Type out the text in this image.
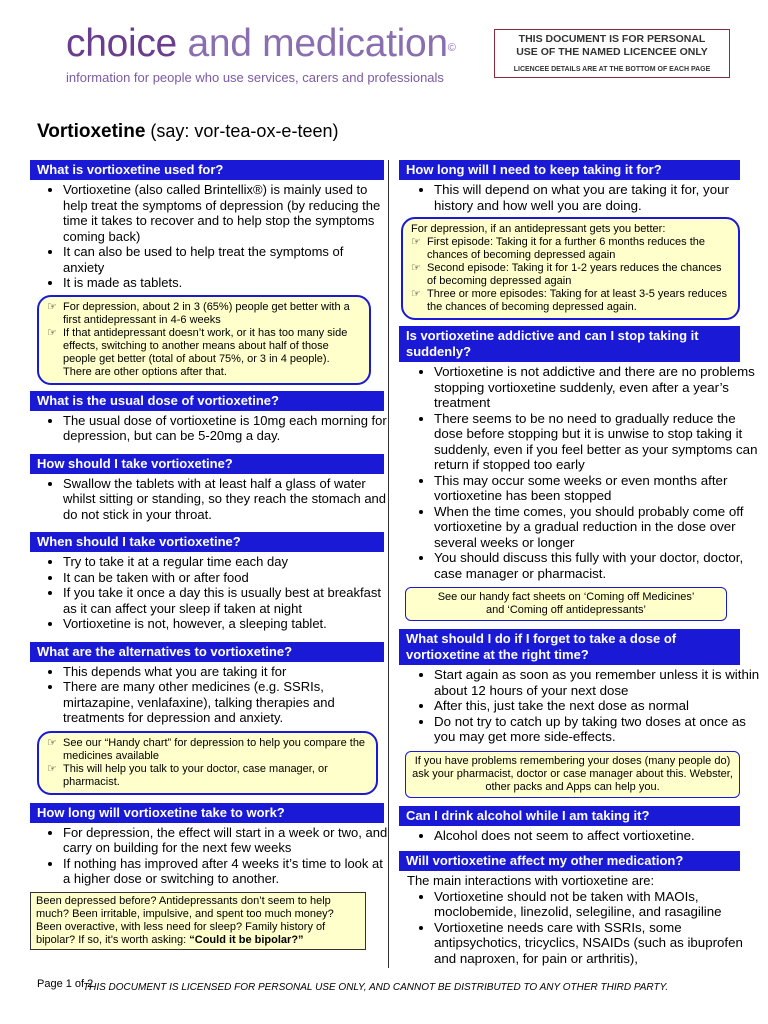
choice and medication©
information for people who use services, carers and professionals
THIS DOCUMENT IS FOR PERSONAL
USE OF THE NAMED LICENCEE ONLY
LICENCEE DETAILS ARE AT THE BOTTOM OF EACH PAGE
Vortioxetine (say: vor-tea-ox-e-teen)
What is vortioxetine used for?
• Vortioxetine (also called Brintellix®) is mainly used to help treat the symptoms of depression (by reducing the time it takes to recover and to help stop the symptoms coming back)
• It can also be used to help treat the symptoms of anxiety
• It is made as tablets.
☞ For depression, about 2 in 3 (65%) people get better with a first antidepressant in 4-6 weeks
☞ If that antidepressant doesn’t work, or it has too many side effects, switching to another means about half of those people get better (total of about 75%, or 3 in 4 people). There are other options after that.
What is the usual dose of vortioxetine?
• The usual dose of vortioxetine is 10mg each morning for depression, but can be 5-20mg a day.
How should I take vortioxetine?
• Swallow the tablets with at least half a glass of water whilst sitting or standing, so they reach the stomach and do not stick in your throat.
When should I take vortioxetine?
• Try to take it at a regular time each day
• It can be taken with or after food
• If you take it once a day this is usually best at breakfast as it can affect your sleep if taken at night
• Vortioxetine is not, however, a sleeping tablet.
What are the alternatives to vortioxetine?
• This depends what you are taking it for
• There are many other medicines (e.g. SSRIs, mirtazapine, venlafaxine), talking therapies and treatments for depression and anxiety.
☞ See our “Handy chart” for depression to help you compare the medicines available
☞ This will help you talk to your doctor, case manager, or pharmacist.
How long will vortioxetine take to work?
• For depression, the effect will start in a week or two, and carry on building for the next few weeks
• If nothing has improved after 4 weeks it’s time to look at a higher dose or switching to another.
Been depressed before? Antidepressants don’t seem to help much? Been irritable, impulsive, and spent too much money? Been overactive, with less need for sleep? Family history of bipolar? If so, it’s worth asking: “Could it be bipolar?”
How long will I need to keep taking it for?
• This will depend on what you are taking it for, your history and how well you are doing.
For depression, if an antidepressant gets you better:
☞ First episode: Taking it for a further 6 months reduces the chances of becoming depressed again
☞ Second episode: Taking it for 1-2 years reduces the chances of becoming depressed again
☞ Three or more episodes: Taking for at least 3-5 years reduces the chances of becoming depressed again.
Is vortioxetine addictive and can I stop taking it suddenly?
• Vortioxetine is not addictive and there are no problems stopping vortioxetine suddenly, even after a year’s treatment
• There seems to be no need to gradually reduce the dose before stopping but it is unwise to stop taking it suddenly, even if you feel better as your symptoms can return if stopped too early
• This may occur some weeks or even months after vortioxetine has been stopped
• When the time comes, you should probably come off vortioxetine by a gradual reduction in the dose over several weeks or longer
• You should discuss this fully with your doctor, doctor, case manager or pharmacist.
See our handy fact sheets on ‘Coming off Medicines’
and ‘Coming off antidepressants’
What should I do if I forget to take a dose of vortioxetine at the right time?
• Start again as soon as you remember unless it is within about 12 hours of your next dose
• After this, just take the next dose as normal
• Do not try to catch up by taking two doses at once as you may get more side-effects.
If you have problems remembering your doses (many people do) ask your pharmacist, doctor or case manager about this. Webster, other packs and Apps can help you.
Can I drink alcohol while I am taking it?
• Alcohol does not seem to affect vortioxetine.
Will vortioxetine affect my other medication?
The main interactions with vortioxetine are:
• Vortioxetine should not be taken with MAOIs, moclobemide, linezolid, selegiline, and rasagiline
• Vortioxetine needs care with SSRIs, some antipsychotics, tricyclics, NSAIDs (such as ibuprofen and naproxen, for pain or arthritis),
Page 1 of 2
THIS DOCUMENT IS LICENSED FOR PERSONAL USE ONLY, AND CANNOT BE DISTRIBUTED TO ANY OTHER THIRD PARTY.
